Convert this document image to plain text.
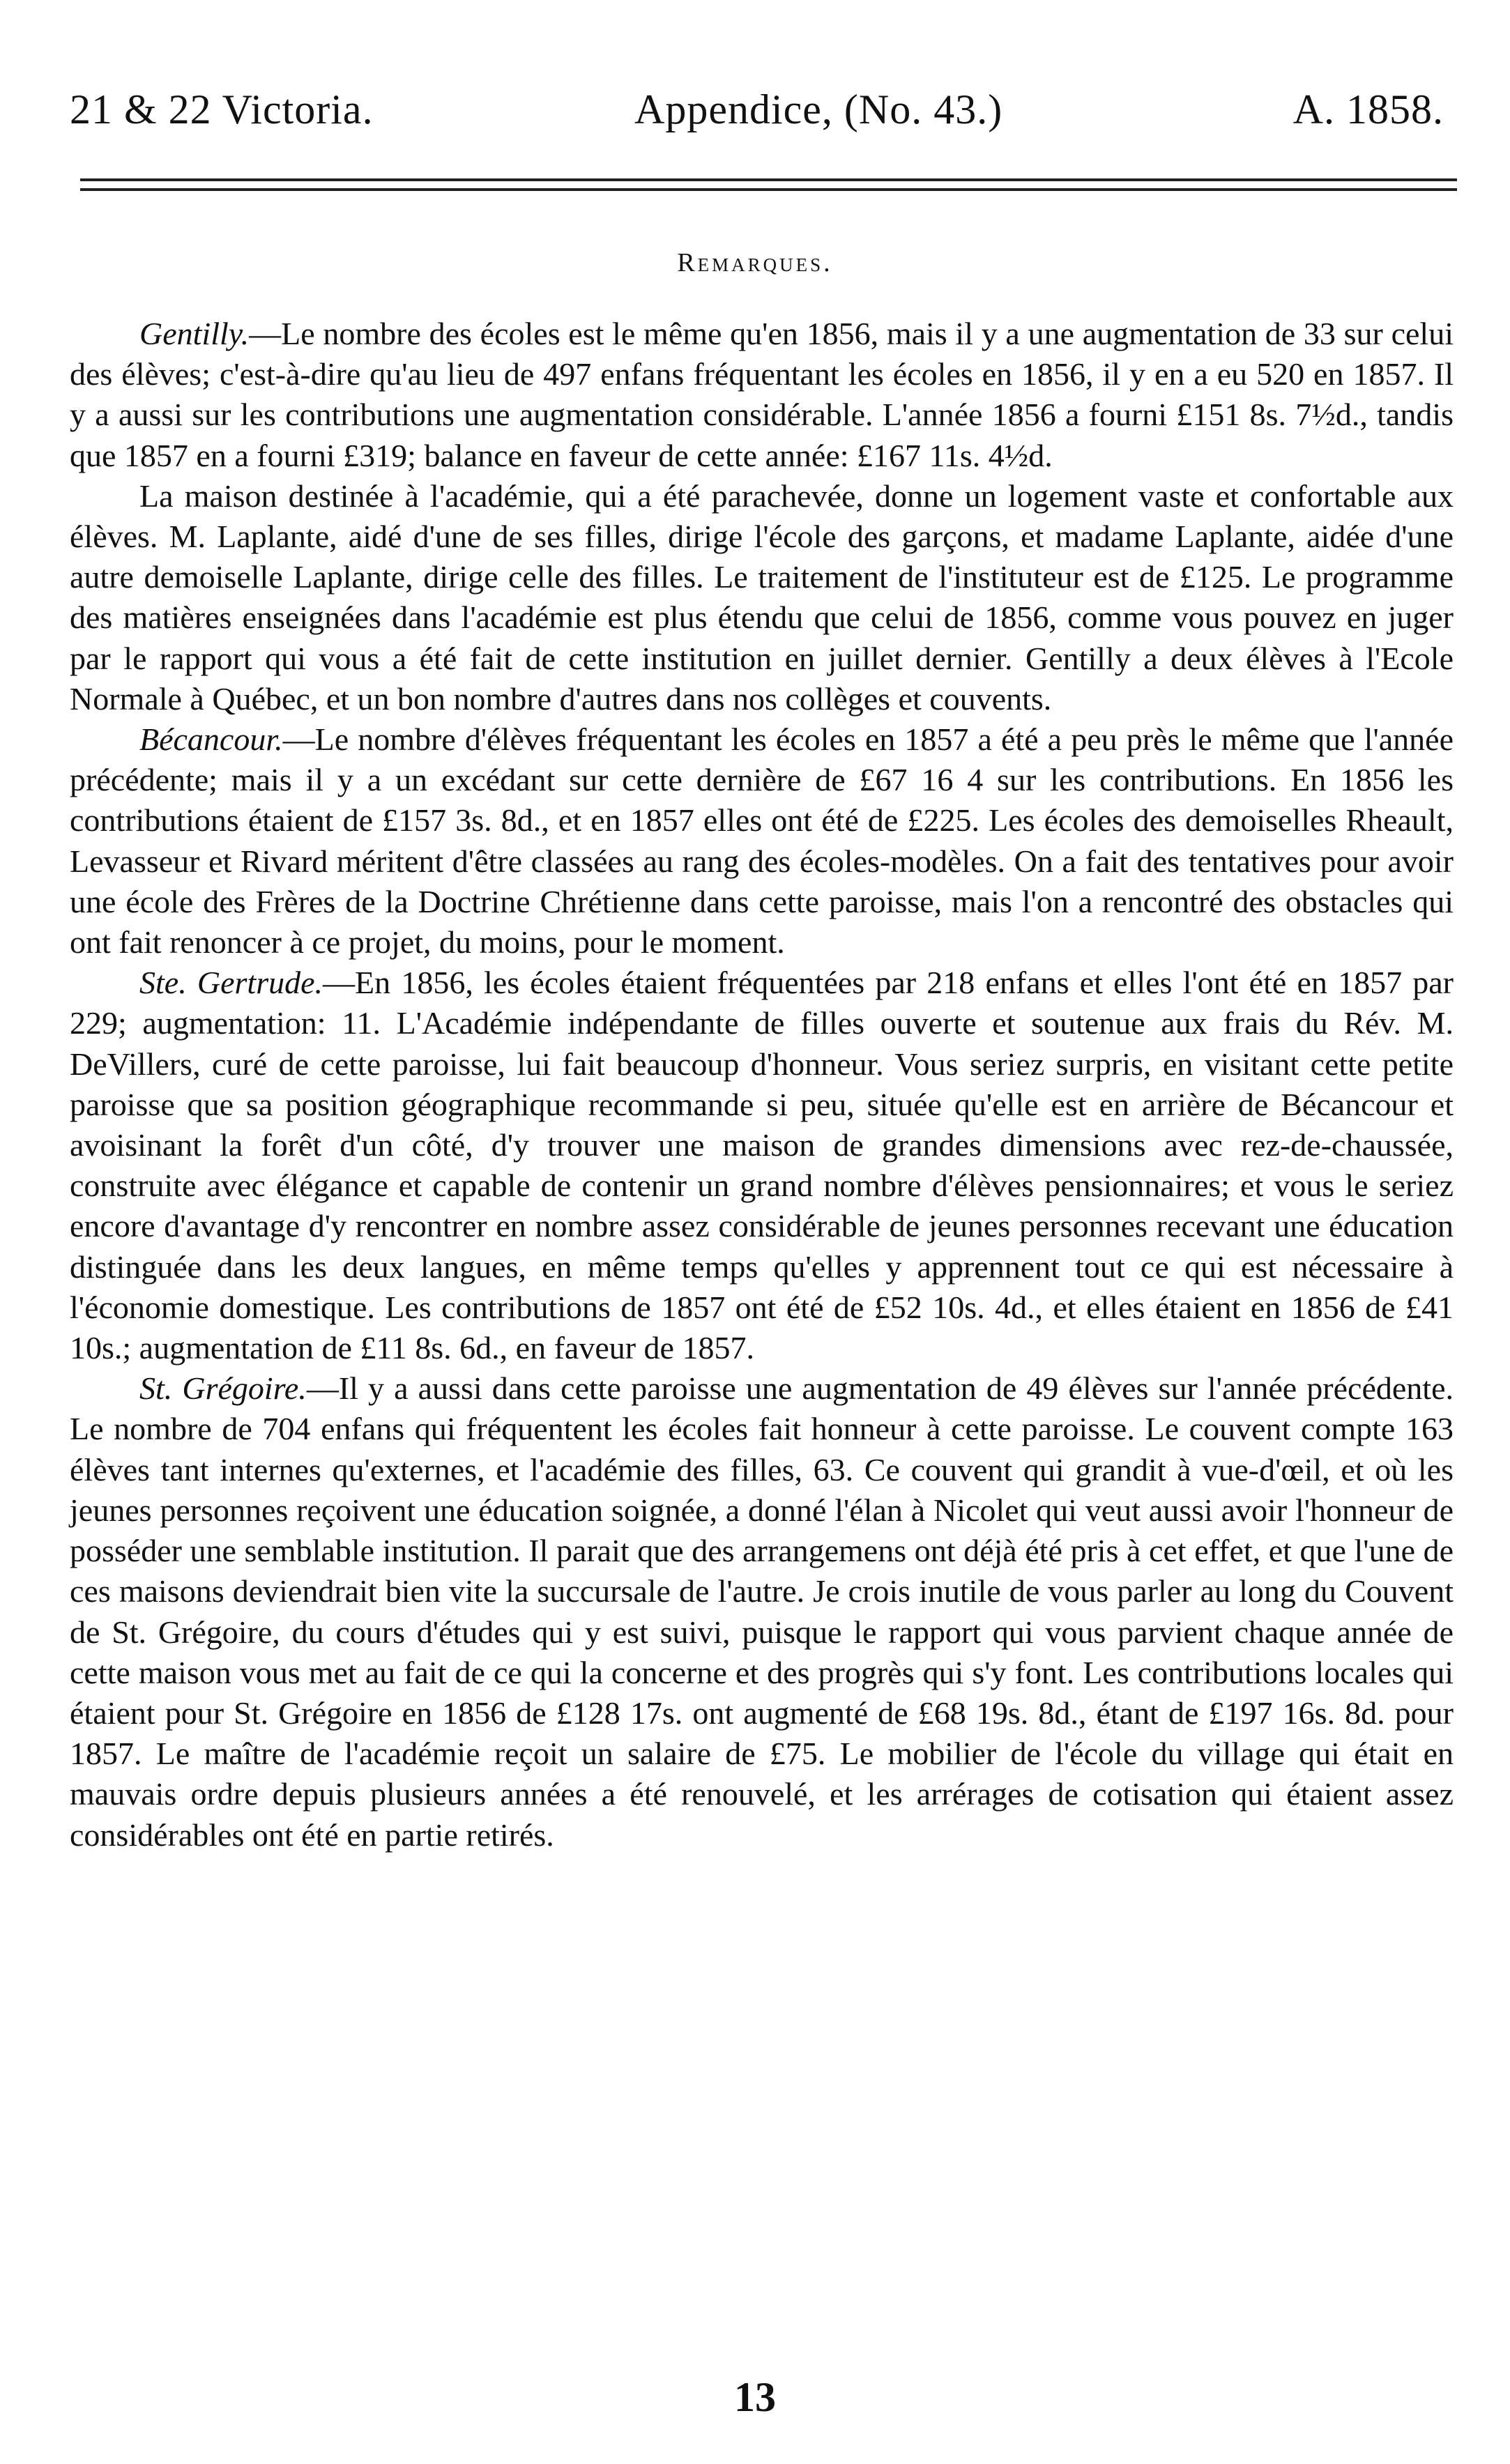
21 & 22 Victoria.	Appendice, (No. 43.)	A. 1858.
Remarques.

Gentilly.—Le nombre des écoles est le même qu'en 1856, mais il y a une augmentation de 33 sur celui des élèves; c'est-à-dire qu'au lieu de 497 enfans fréquentant les écoles en 1856, il y en a eu 520 en 1857. Il y a aussi sur les contributions une augmentation considérable. L'année 1856 a fourni £151 8s. 7½d., tandis que 1857 en a fourni £319; balance en faveur de cette année: £167 11s. 4½d.

La maison destinée à l'académie, qui a été parachevée, donne un logement vaste et confortable aux élèves. M. Laplante, aidé d'une de ses filles, dirige l'école des garçons, et madame Laplante, aidée d'une autre demoiselle Laplante, dirige celle des filles. Le traitement de l'instituteur est de £125. Le programme des matières enseignées dans l'académie est plus étendu que celui de 1856, comme vous pouvez en juger par le rapport qui vous a été fait de cette institution en juillet dernier. Gentilly a deux élèves à l'Ecole Normale à Québec, et un bon nombre d'autres dans nos collèges et couvents.

Bécancour.—Le nombre d'élèves fréquentant les écoles en 1857 a été a peu près le même que l'année précédente; mais il y a un excédant sur cette dernière de £67 16 4 sur les contributions. En 1856 les contributions étaient de £157 3s. 8d., et en 1857 elles ont été de £225. Les écoles des demoiselles Rheault, Levasseur et Rivard méritent d'être classées au rang des écoles-modèles. On a fait des tentatives pour avoir une école des Frères de la Doctrine Chrétienne dans cette paroisse, mais l'on a rencontré des obstacles qui ont fait renoncer à ce projet, du moins, pour le moment.

Ste. Gertrude.—En 1856, les écoles étaient fréquentées par 218 enfans et elles l'ont été en 1857 par 229; augmentation: 11. L'Académie indépendante de filles ouverte et soutenue aux frais du Rév. M. DeVillers, curé de cette paroisse, lui fait beaucoup d'honneur. Vous seriez surpris, en visitant cette petite paroisse que sa position géographique recommande si peu, située qu'elle est en arrière de Bécancour et avoisinant la forêt d'un côté, d'y trouver une maison de grandes dimensions avec rez-de-chaussée, construite avec élégance et capable de contenir un grand nombre d'élèves pensionnaires; et vous le seriez encore d'avantage d'y rencontrer en nombre assez considérable de jeunes personnes recevant une éducation distinguée dans les deux langues, en même temps qu'elles y apprennent tout ce qui est nécessaire à l'économie domestique. Les contributions de 1857 ont été de £52 10s. 4d., et elles étaient en 1856 de £41 10s.; augmentation de £11 8s. 6d., en faveur de 1857.

St. Grégoire.—Il y a aussi dans cette paroisse une augmentation de 49 élèves sur l'année précédente. Le nombre de 704 enfans qui fréquentent les écoles fait honneur à cette paroisse. Le couvent compte 163 élèves tant internes qu'externes, et l'académie des filles, 63. Ce couvent qui grandit à vue-d'œil, et où les jeunes personnes reçoivent une éducation soignée, a donné l'élan à Nicolet qui veut aussi avoir l'honneur de posséder une semblable institution. Il parait que des arrangemens ont déjà été pris à cet effet, et que l'une de ces maisons deviendrait bien vite la succursale de l'autre. Je crois inutile de vous parler au long du Couvent de St. Grégoire, du cours d'études qui y est suivi, puisque le rapport qui vous parvient chaque année de cette maison vous met au fait de ce qui la concerne et des progrès qui s'y font. Les contributions locales qui étaient pour St. Grégoire en 1856 de £128 17s. ont augmenté de £68 19s. 8d., étant de £197 16s. 8d. pour 1857. Le maître de l'académie reçoit un salaire de £75. Le mobilier de l'école du village qui était en mauvais ordre depuis plusieurs années a été renouvelé, et les arrérages de cotisation qui étaient assez considérables ont été en partie retirés.

13
